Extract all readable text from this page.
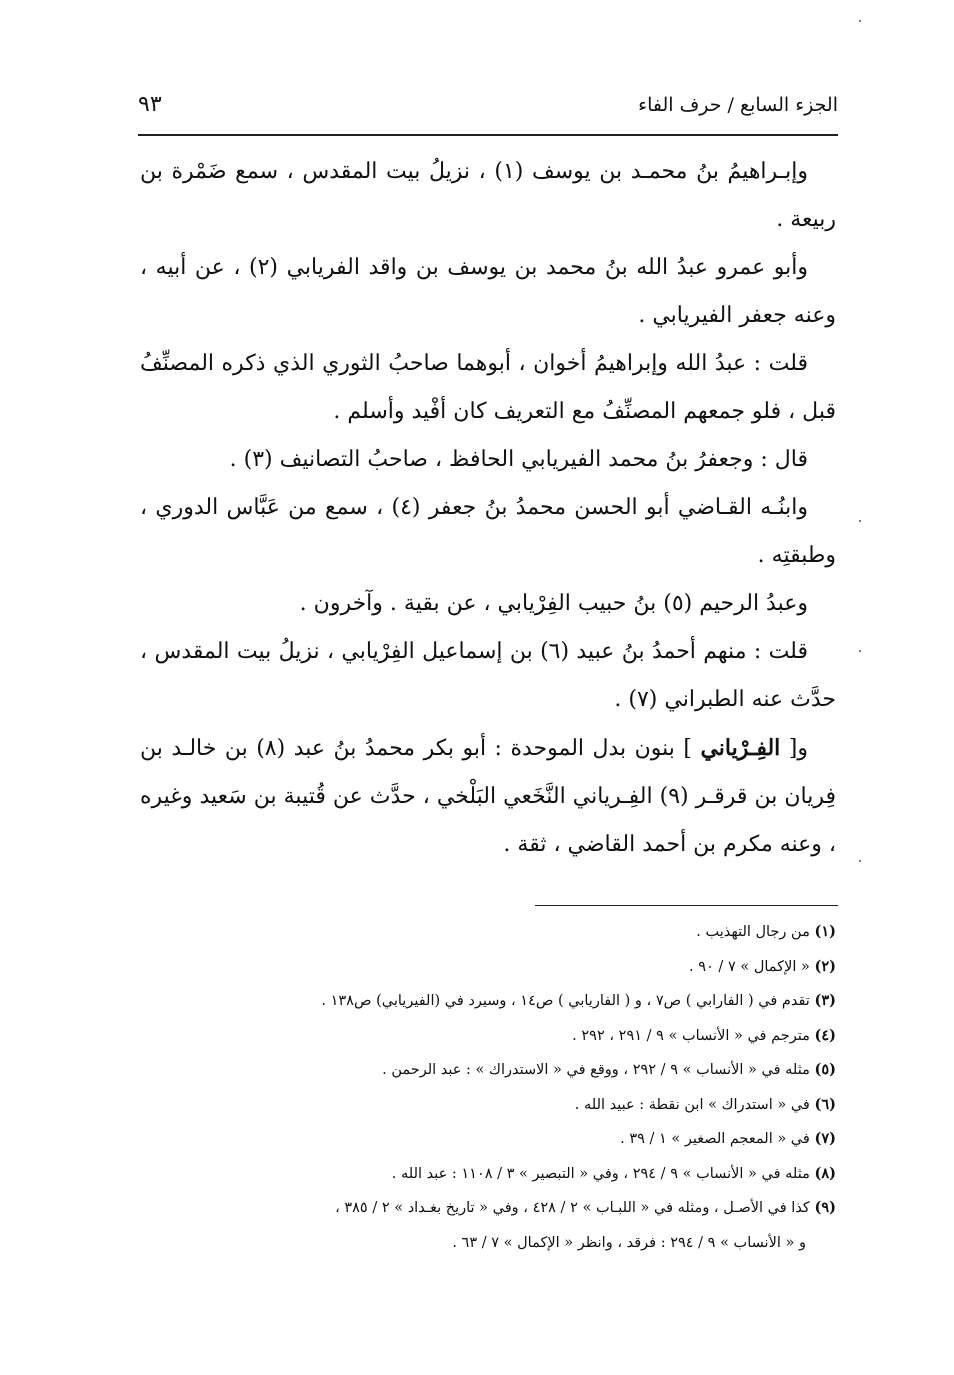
الجزء السابع / حرف الفاء
٩٣

وإبـراهيمُ بنُ محمـد بن يوسف (١) ، نزيلُ بيت المقدس ، سمع ضَمْرة بن ربيعة .

وأبو عمرو عبدُ الله بنُ محمد بن يوسف بن واقد الفريابي (٢) ، عن أبيه ، وعنه جعفر الفيريابي .

قلت : عبدُ الله وإبراهيمُ أخوان ، أبوهما صاحبُ الثوري الذي ذكره المصنِّفُ قبل ، فلو جمعهم المصنِّفُ مع التعريف كان أفْيد وأسلم .

قال : وجعفرُ بنُ محمد الفيريابي الحافظ ، صاحبُ التصانيف (٣) .

وابنُـه القـاضي أبو الحسن محمدُ بنُ جعفر (٤) ، سمع من عَبَّاس الدوري ، وطبقتِه .

وعبدُ الرحيم (٥) بنُ حبيب الفِرْيابي ، عن بقية . وآخرون .

قلت : منهم أحمدُ بنُ عبيد (٦) بن إسماعيل الفِرْيابي ، نزيلُ بيت المقدس ، حدَّث عنه الطبراني (٧) .

و[ الفِـرْياني ] بنون بدل الموحدة : أبو بكر محمدُ بنُ عبد (٨) بن خالـد بن فِريان بن قرقـر (٩) الفِـرياني النَّخَعي البَلْخي ، حدَّث عن قُتيبة بن سَعيد وغيره ، وعنه مكرم بن أحمد القاضي ، ثقة .

(١) من رجال التهذيب .

(٢) « الإكمال » ٧ / ٩٠ .

(٣) تقدم في ( الفارابي ) ص٧ ، و ( الفاريابي ) ص١٤ ، وسيرد في (الفيريابي) ص١٣٨ .

(٤) مترجم في « الأنساب » ٩ / ٢٩١ ، ٢٩٢ .

(٥) مثله في « الأنساب » ٩ / ٢٩٢ ، ووقع في « الاستدراك » : عبد الرحمن .

(٦) في « استدراك » ابن نقطة : عبيد الله .

(٧) في « المعجم الصغير » ١ / ٣٩ .

(٨) مثله في « الأنساب » ٩ / ٢٩٤ ، وفي « التبصير » ٣ / ١١٠٨ : عبد الله .

(٩) كذا في الأصـل ، ومثله في « اللبـاب » ٢ / ٤٢٨ ، وفي « تاريخ بغـداد » ٢ / ٣٨٥ ،

و « الأنساب » ٩ / ٢٩٤ : فرقد ، وانظر « الإكمال » ٧ / ٦٣ .
